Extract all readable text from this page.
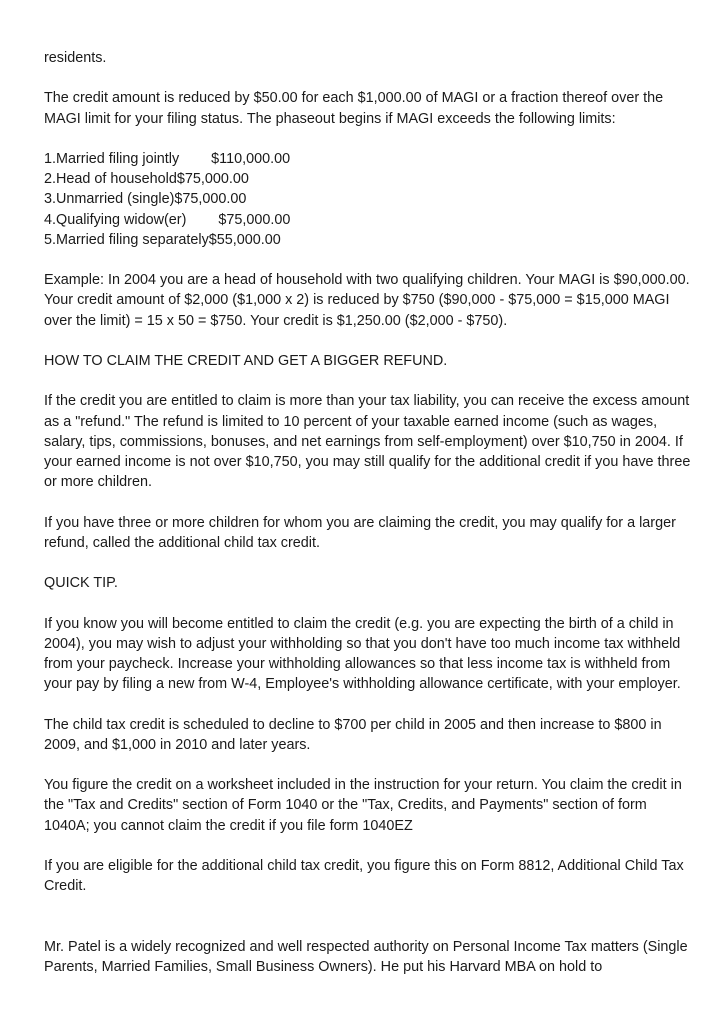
residents.

The credit amount is reduced by $50.00 for each $1,000.00 of MAGI or a fraction thereof over the MAGI limit for your filing status. The phaseout begins if MAGI exceeds the following limits:

1.Married filing jointly        $110,000.00
2.Head of household$75,000.00
3.Unmarried (single)$75,000.00
4.Qualifying widow(er)        $75,000.00
5.Married filing separately$55,000.00

Example: In 2004 you are a head of household with two qualifying children. Your MAGI is $90,000.00. Your credit amount of $2,000 ($1,000 x 2) is reduced by $750 ($90,000 - $75,000 = $15,000 MAGI over the limit) = 15 x 50 = $750. Your credit is $1,250.00 ($2,000 - $750).

HOW TO CLAIM THE CREDIT AND GET A BIGGER REFUND.

If the credit you are entitled to claim is more than your tax liability, you can receive the excess amount as a "refund." The refund is limited to 10 percent of your taxable earned income (such as wages, salary, tips, commissions, bonuses, and net earnings from self-employment) over $10,750 in 2004. If your earned income is not over $10,750, you may still qualify for the additional credit if you have three or more children.

If you have three or more children for whom you are claiming the credit, you may qualify for a larger refund, called the additional child tax credit.

QUICK TIP.

If you know you will become entitled to claim the credit (e.g. you are expecting the birth of a child in 2004), you may wish to adjust your withholding so that you don't have too much income tax withheld from your paycheck. Increase your withholding allowances so that less income tax is withheld from your pay by filing a new from W-4, Employee's withholding allowance certificate, with your employer.

The child tax credit is scheduled to decline to $700 per child in 2005 and then increase to $800 in 2009, and $1,000 in 2010 and later years.

You figure the credit on a worksheet included in the instruction for your return. You claim the credit in the "Tax and Credits" section of Form 1040 or the "Tax, Credits, and Payments" section of form 1040A; you cannot claim the credit if you file form 1040EZ

If you are eligible for the additional child tax credit, you figure this on Form 8812, Additional Child Tax Credit.

Mr. Patel is a widely recognized and well respected authority on Personal Income Tax matters (Single Parents, Married Families, Small Business Owners). He put his Harvard MBA on hold to
